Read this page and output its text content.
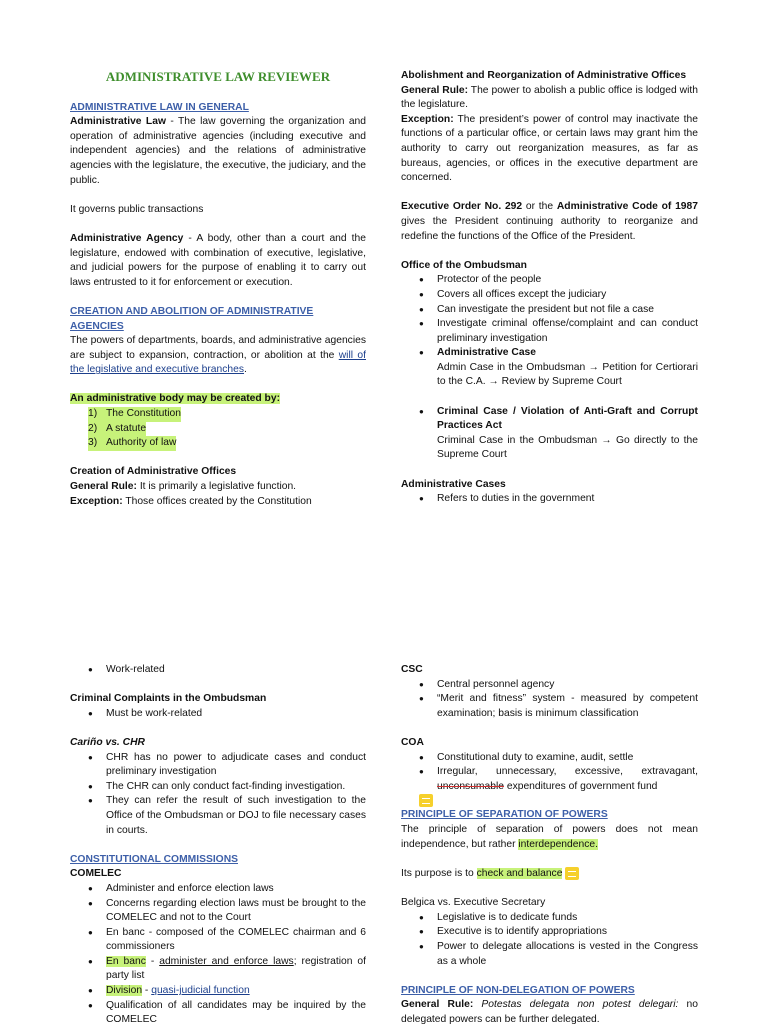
ADMINISTRATIVE LAW REVIEWER

ADMINISTRATIVE LAW IN GENERAL

Administrative Law - The law governing the organization and operation of administrative agencies (including executive and independent agencies) and the relations of administrative agencies with the legislature, the executive, the judiciary, and the public.

It governs public transactions

Administrative Agency - A body, other than a court and the legislature, endowed with combination of executive, legislative, and judicial powers for the purpose of enabling it to carry out laws entrusted to it for enforcement or execution.

CREATION AND ABOLITION OF ADMINISTRATIVE AGENCIES

The powers of departments, boards, and administrative agencies are subject to expansion, contraction, or abolition at the will of the legislative and executive branches.

An administrative body may be created by:

1) The Constitution
2) A statute
3) Authority of law

Creation of Administrative Offices

General Rule: It is primarily a legislative function.

Exception: Those offices created by the Constitution

Abolishment and Reorganization of Administrative Offices

General Rule: The power to abolish a public office is lodged with the legislature.

Exception: The president’s power of control may inactivate the functions of a particular office, or certain laws may grant him the authority to carry out reorganization measures, as far as bureaus, agencies, or offices in the executive department are concerned.

Executive Order No. 292 or the Administrative Code of 1987 gives the President continuing authority to reorganize and redefine the functions of the Office of the President.

Office of the Ombudsman

● Protector of the people
● Covers all offices except the judiciary
● Can investigate the president but not file a case
● Investigate criminal offense/complaint and can conduct preliminary investigation
● Administrative Case

Admin Case in the Ombudsman → Petition for Certiorari to the C.A. → Review by Supreme Court

● Criminal Case / Violation of Anti-Graft and Corrupt Practices Act

Criminal Case in the Ombudsman → Go directly to the Supreme Court

Administrative Cases

● Refers to duties in the government
● Work-related

Criminal Complaints in the Ombudsman

● Must be work-related

Cariño vs. CHR

● CHR has no power to adjudicate cases and conduct preliminary investigation
● The CHR can only conduct fact-finding investigation.
● They can refer the result of such investigation to the Office of the Ombudsman or DOJ to file necessary cases in courts.

CONSTITUTIONAL COMMISSIONS

COMELEC

● Administer and enforce election laws
● Concerns regarding election laws must be brought to the COMELEC and not to the Court
● En banc - composed of the COMELEC chairman and 6 commissioners
● En banc - administer and enforce laws; registration of party list
● Division - quasi-judicial function
● Qualification of all candidates may be inquired by the COMELEC

CSC

● Central personnel agency
● “Merit and fitness” system - measured by competent examination; basis is minimum classification

COA

● Constitutional duty to examine, audit, settle
● Irregular, unnecessary, excessive, extravagant, unconsumable expenditures of government fund

PRINCIPLE OF SEPARATION OF POWERS

The principle of separation of powers does not mean independence, but rather interdependence.

Its purpose is to check and balance

Belgica vs. Executive Secretary

● Legislative is to dedicate funds
● Executive is to identify appropriations
● Power to delegate allocations is vested in the Congress as a whole

PRINCIPLE OF NON-DELEGATION OF POWERS

General Rule: Potestas delegata non potest delegari: no delegated powers can be further delegated.
